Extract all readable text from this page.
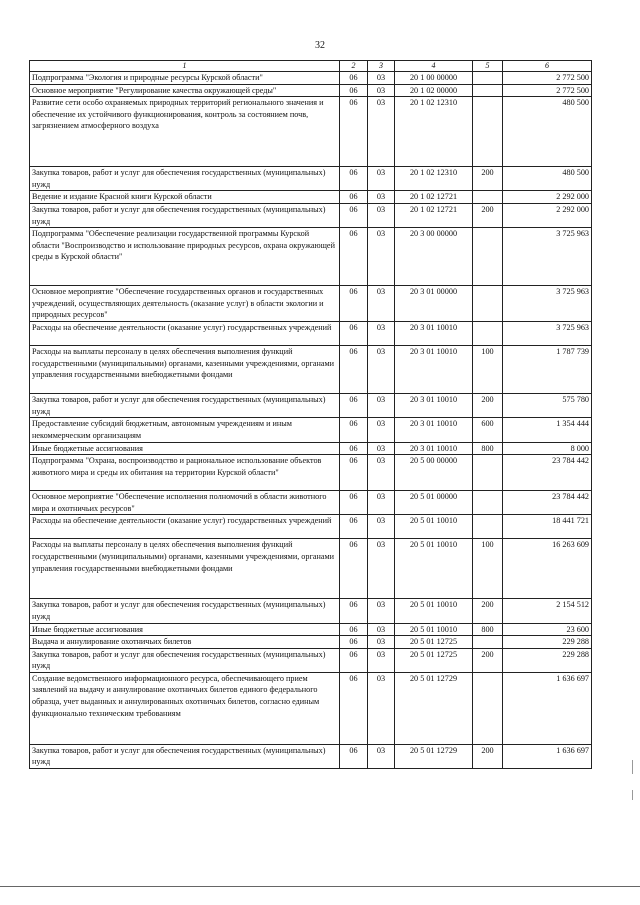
32
1	2	3	4	5	6
Подпрограмма "Экология и природные ресурсы Курской области"	06	03	20 1 00 00000		2 772 500
Основное мероприятие "Регулирование качества окружающей среды"	06	03	20 1 02 00000		2 772 500
Развитие сети особо охраняемых природных территорий регионального значения и обеспечение их устойчивого функционирования, контроль за состоянием почв, загрязнением атмосферного воздуха	06	03	20 1 02 12310		480 500
Закупка товаров, работ и услуг для обеспечения государственных (муниципальных) нужд	06	03	20 1 02 12310	200	480 500
Ведение и издание Красной книги Курской области	06	03	20 1 02 12721		2 292 000
Закупка товаров, работ и услуг для обеспечения государственных (муниципальных) нужд	06	03	20 1 02 12721	200	2 292 000
Подпрограмма "Обеспечение реализации государственной программы Курской области "Воспроизводство и использование природных ресурсов, охрана окружающей среды в Курской области"	06	03	20 3 00 00000		3 725 963
Основное мероприятие "Обеспечение государственных органов и государственных учреждений, осуществляющих деятельность (оказание услуг) в области экологии и природных ресурсов"	06	03	20 3 01 00000		3 725 963
Расходы на обеспечение деятельности (оказание услуг) государственных учреждений	06	03	20 3 01 10010		3 725 963
Расходы на выплаты персоналу в целях обеспечения выполнения функций государственными (муниципальными) органами, казенными учреждениями, органами управления государственными внебюджетными фондами	06	03	20 3 01 10010	100	1 787 739
Закупка товаров, работ и услуг для обеспечения государственных (муниципальных) нужд	06	03	20 3 01 10010	200	575 780
Предоставление субсидий бюджетным, автономным учреждениям и иным некоммерческим организациям	06	03	20 3 01 10010	600	1 354 444
Иные бюджетные ассигнования	06	03	20 3 01 10010	800	8 000
Подпрограмма "Охрана, воспроизводство и рациональное использование объектов животного мира и среды их обитания на территории Курской области"	06	03	20 5 00 00000		23 784 442
Основное мероприятие "Обеспечение исполнения полномочий в области животного мира и охотничьих ресурсов"	06	03	20 5 01 00000		23 784 442
Расходы на обеспечение деятельности (оказание услуг) государственных учреждений	06	03	20 5 01 10010		18 441 721
Расходы на выплаты персоналу в целях обеспечения выполнения функций государственными (муниципальными) органами, казенными учреждениями, органами управления государственными внебюджетными фондами	06	03	20 5 01 10010	100	16 263 609
Закупка товаров, работ и услуг для обеспечения государственных (муниципальных) нужд	06	03	20 5 01 10010	200	2 154 512
Иные бюджетные ассигнования	06	03	20 5 01 10010	800	23 600
Выдача и аннулирование охотничьих билетов	06	03	20 5 01 12725		229 288
Закупка товаров, работ и услуг для обеспечения государственных (муниципальных) нужд	06	03	20 5 01 12725	200	229 288
Создание ведомственного информационного ресурса, обеспечивающего прием заявлений на выдачу и аннулирование охотничьих билетов единого федерального образца, учет выданных и аннулированных охотничьих билетов, согласно единым функционально техническим требованиям	06	03	20 5 01 12729		1 636 697
Закупка товаров, работ и услуг для обеспечения государственных (муниципальных) нужд	06	03	20 5 01 12729	200	1 636 697
